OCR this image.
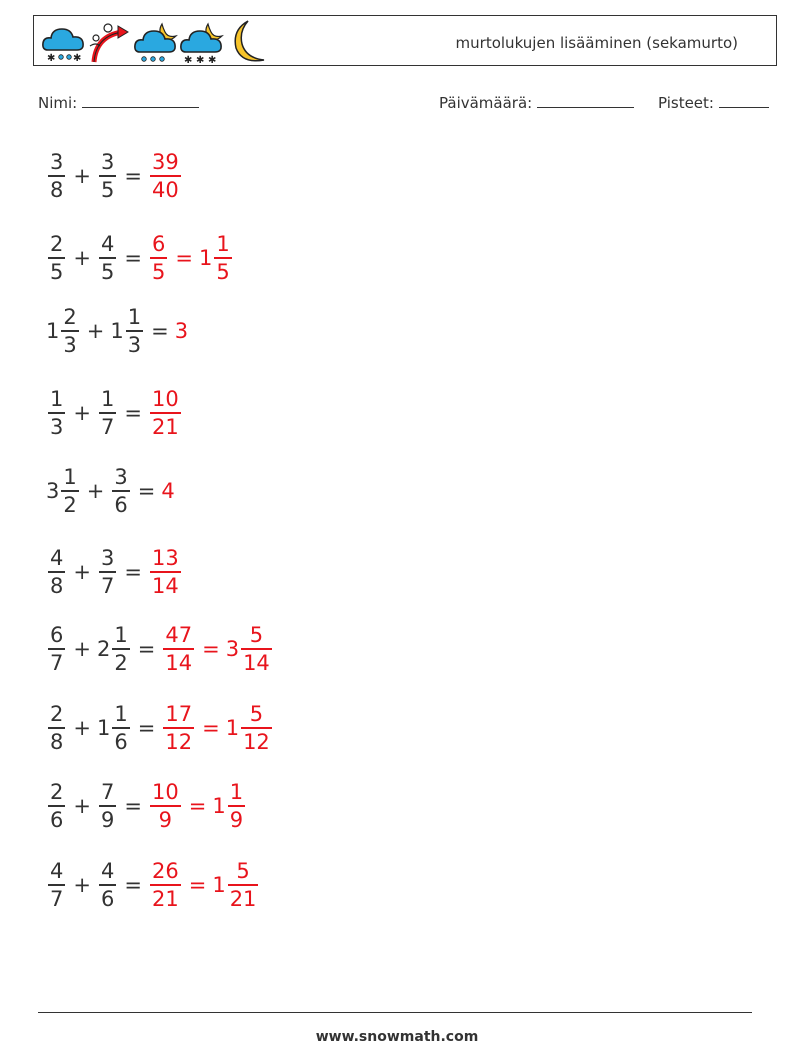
✱ ✱	✱ ✱ ✱
murtolukujen lisääminen (sekamurto)
Nimi:	Päivämäärä:	Pisteet:
$\frac{3}{8} + \frac{3}{5} = \frac{39}{40}$
$\frac{2}{5} + \frac{4}{5} = \frac{6}{5} = 1 \frac{1}{5}$
$1 \frac{2}{3} + 1 \frac{1}{3} = 3$
$\frac{1}{3} + \frac{1}{7} = \frac{10}{21}$
$3 \frac{1}{2} + \frac{3}{6} = 4$
$\frac{4}{8} + \frac{3}{7} = \frac{13}{14}$
$\frac{6}{7} + 2 \frac{1}{2} = \frac{47}{14} = 3 \frac{5}{14}$
$\frac{2}{8} + 1 \frac{1}{6} = \frac{17}{12} = 1 \frac{5}{12}$
$\frac{2}{6} + \frac{7}{9} = \frac{10}{9} = 1 \frac{1}{9}$
$\frac{4}{7} + \frac{4}{6} = \frac{26}{21} = 1 \frac{5}{21}$
www.snowmath.com
